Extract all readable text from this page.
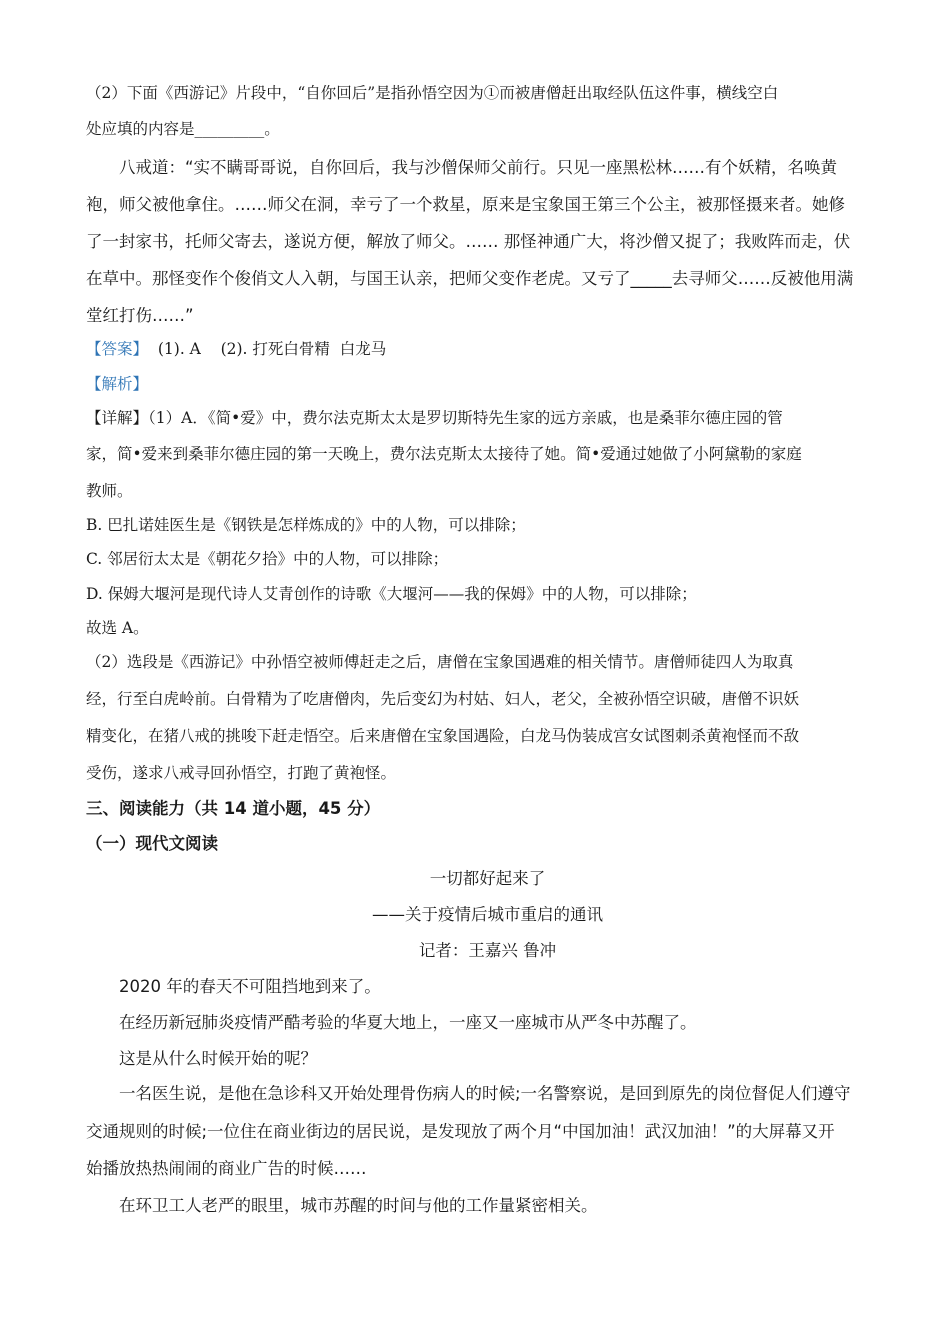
（2）下面《西游记》片段中，“自你回后”是指孙悟空因为①而被唐僧赶出取经队伍这件事，横线空白
处应填的内容是_________。
八戒道：“实不瞒哥哥说，自你回后，我与沙僧保师父前行。只见一座黑松林……有个妖精，名唤黄
袍，师父被他拿住。……师父在洞，幸亏了一个救星，原来是宝象国王第三个公主，被那怪摄来者。她修
了一封家书，托师父寄去，遂说方便，解放了师父。…… 那怪神通广大，将沙僧又捉了；我败阵而走，伏
在草中。那怪变作个俊俏文人入朝，与国王认亲，把师父变作老虎。又亏了_____去寻师父……反被他用满
堂红打伤……”
【答案】  (1). A    (2). 打死白骨精  白龙马
【解析】
【详解】（1）A．《简•爱》中，费尔法克斯太太是罗切斯特先生家的远方亲戚，也是桑菲尔德庄园的管
家，简•爱来到桑菲尔德庄园的第一天晚上，费尔法克斯太太接待了她。简•爱通过她做了小阿黛勒的家庭
教师。
B. 巴扎诺娃医生是《钢铁是怎样炼成的》中的人物，可以排除；
C. 邻居衍太太是《朝花夕拾》中的人物，可以排除；
D. 保姆大堰河是现代诗人艾青创作的诗歌《大堰河——我的保姆》中的人物，可以排除；
故选 A。
（2）选段是《西游记》中孙悟空被师傅赶走之后，唐僧在宝象国遇难的相关情节。唐僧师徒四人为取真
经，行至白虎岭前。白骨精为了吃唐僧肉，先后变幻为村姑、妇人，老父，全被孙悟空识破，唐僧不识妖
精变化，在猪八戒的挑唆下赶走悟空。后来唐僧在宝象国遇险，白龙马伪装成宫女试图刺杀黄袍怪而不敌
受伤，遂求八戒寻回孙悟空，打跑了黄袍怪。
三、阅读能力（共 14 道小题，45 分）
（一）现代文阅读
一切都好起来了
——关于疫情后城市重启的通讯
记者：王嘉兴 鲁冲
2020 年的春天不可阻挡地到来了。
在经历新冠肺炎疫情严酷考验的华夏大地上，一座又一座城市从严冬中苏醒了。
这是从什么时候开始的呢？
一名医生说，是他在急诊科又开始处理骨伤病人的时候;一名警察说，是回到原先的岗位督促人们遵守
交通规则的时候;一位住在商业街边的居民说，是发现放了两个月“中国加油！武汉加油！”的大屏幕又开
始播放热热闹闹的商业广告的时候……
在环卫工人老严的眼里，城市苏醒的时间与他的工作量紧密相关。
